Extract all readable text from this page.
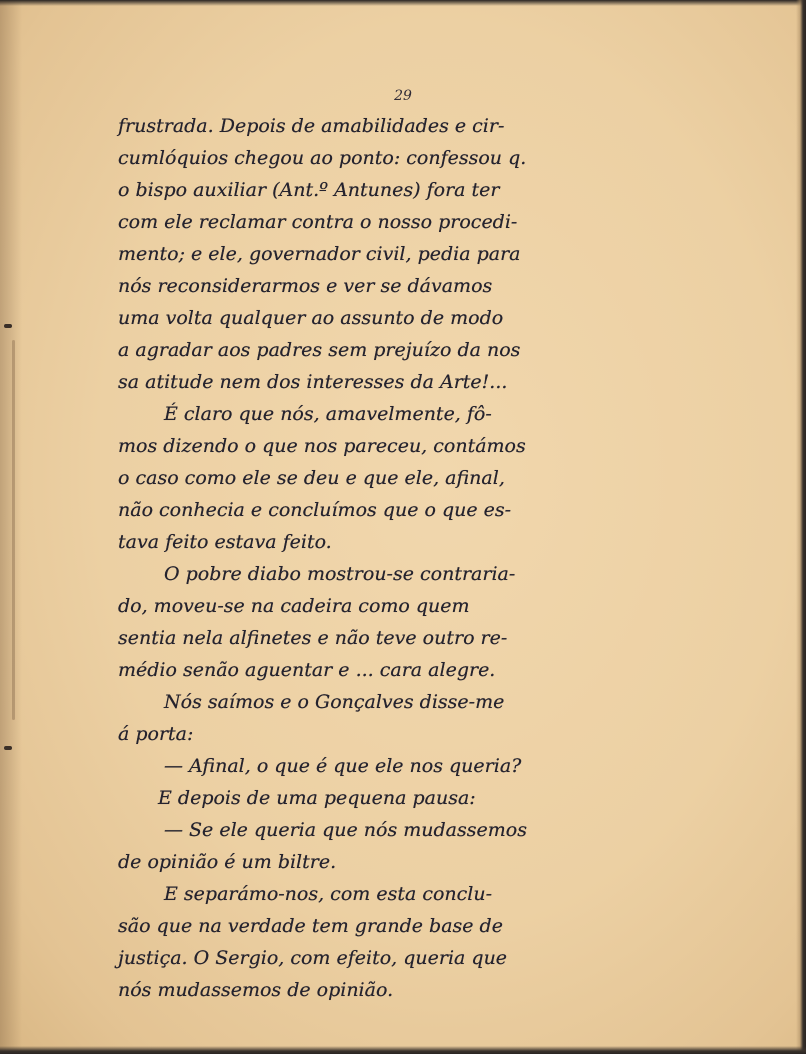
29
frustrada. Depois de amabilidades e cir-
cumlóquios chegou ao ponto: confessou q.
o bispo auxiliar (Ant.º Antunes) fora ter
com ele reclamar contra o nosso procedi-
mento; e ele, governador civil, pedia para
nós reconsiderarmos e ver se dávamos
uma volta qualquer ao assunto de modo
a agradar aos padres sem prejuízo da nos
sa atitude nem dos interesses da Arte!...
É claro que nós, amavelmente, fô-
mos dizendo o que nos pareceu, contámos
o caso como ele se deu e que ele, afinal,
não conhecia e concluímos que o que es-
tava feito estava feito.
O pobre diabo mostrou-se contraria-
do, moveu-se na cadeira como quem
sentia nela alfinetes e não teve outro re-
médio senão aguentar e ... cara alegre.
Nós saímos e o Gonçalves disse-me
á porta:
— Afinal, o que é que ele nos queria?
E depois de uma pequena pausa:
— Se ele queria que nós mudassemos
de opinião é um biltre.
E separámo-nos, com esta conclu-
são que na verdade tem grande base de
justiça. O Sergio, com efeito, queria que
nós mudassemos de opinião.
